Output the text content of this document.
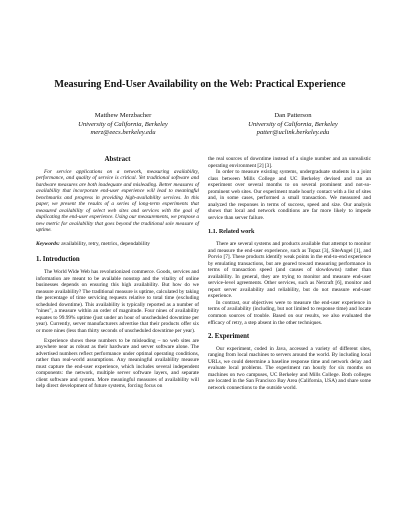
Measuring End-User Availability on the Web: Practical Experience
Matthew Merzbacher
University of California, Berkeley
merz@eecs.berkeley.edu
Dan Patterson
University of California, Berkeley
patter@uclink.berkeley.edu
Abstract

For service applications on a network, measuring availability, performance, and quality of service is critical. Yet traditional software and hardware measures are both inadequate and misleading. Better measures of availability that incorporate end-user experience will lead to meaningful benchmarks and progress in providing high-availability services. In this paper, we present the results of a series of long-term experiments that measured availability of select web sites and services with the goal of duplicating the end-user experience. Using our measurements, we propose a new metric for availability that goes beyond the traditional sole measure of uptime.

Keywords: availability, retry, metrics, dependability
1. Introduction

The World Wide Web has revolutionized commerce. Goods, services and information are meant to be available nonstop and the vitality of online businesses depends on ensuring this high availability. But how do we measure availability? The traditional measure is uptime, calculated by taking the percentage of time servicing requests relative to total time (excluding scheduled downtime). This availability is typically reported as a number of "nines", a measure within an order of magnitude. Four nines of availability equates to 99.99% uptime (just under an hour of unscheduled downtime per year). Currently, server manufacturers advertise that their products offer six or more nines (less than thirty seconds of unscheduled downtime per year).

Experience shows these numbers to be misleading – no web sites are anywhere near as robust as their hardware and server software alone. The advertised numbers reflect performance under optimal operating conditions, rather than real-world assumptions. Any meaningful availability measure must capture the end-user experience, which includes several independent components: the network, multiple server software layers, and separate client software and system. More meaningful measures of availability will help direct development of future systems, forcing focus on

the real sources of downtime instead of a single number and an unrealistic operating environment [2] [3].

In order to measure existing systems, undergraduate students in a joint class between Mills College and UC Berkeley devised and ran an experiment over several months to on several prominent and not-so-prominent web sites. Our experiment made hourly contact with a list of sites and, in some cases, performed a small transaction. We measured and analyzed the responses in terms of success, speed and size. Our analysis shows that local and network conditions are far more likely to impede service than server failure.

1.1. Related work

There are several systems and products available that attempt to monitor and measure the end-user experience, such as Topaz [3], SiteAngel [1], and Porvio [7]. These products identify weak points in the end-to-end experience by emulating transactions, but are geared toward measuring performance in terms of transaction speed (and causes of slowdowns) rather than availability. In general, they are trying to monitor and measure end-user service-level agreements. Other services, such as Netcraft [6], monitor and report server availability and reliability, but do not measure end-user experience.

In contrast, our objectives were to measure the end-user experience in terms of availability (including, but not limited to response time) and locate common sources of trouble. Based on our results, we also evaluated the efficacy of retry, a step absent in the other techniques.

2. Experiment

Our experiment, coded in Java, accessed a variety of different sites, ranging from local machines to servers around the world. By including local URLs, we could determine a baseline response time and network delay and evaluate local problems. The experiment ran hourly for six months on machines on two campuses, UC Berkeley and Mills College. Both colleges are located in the San Francisco Bay Area (California, USA) and share some network connections to the outside world.
